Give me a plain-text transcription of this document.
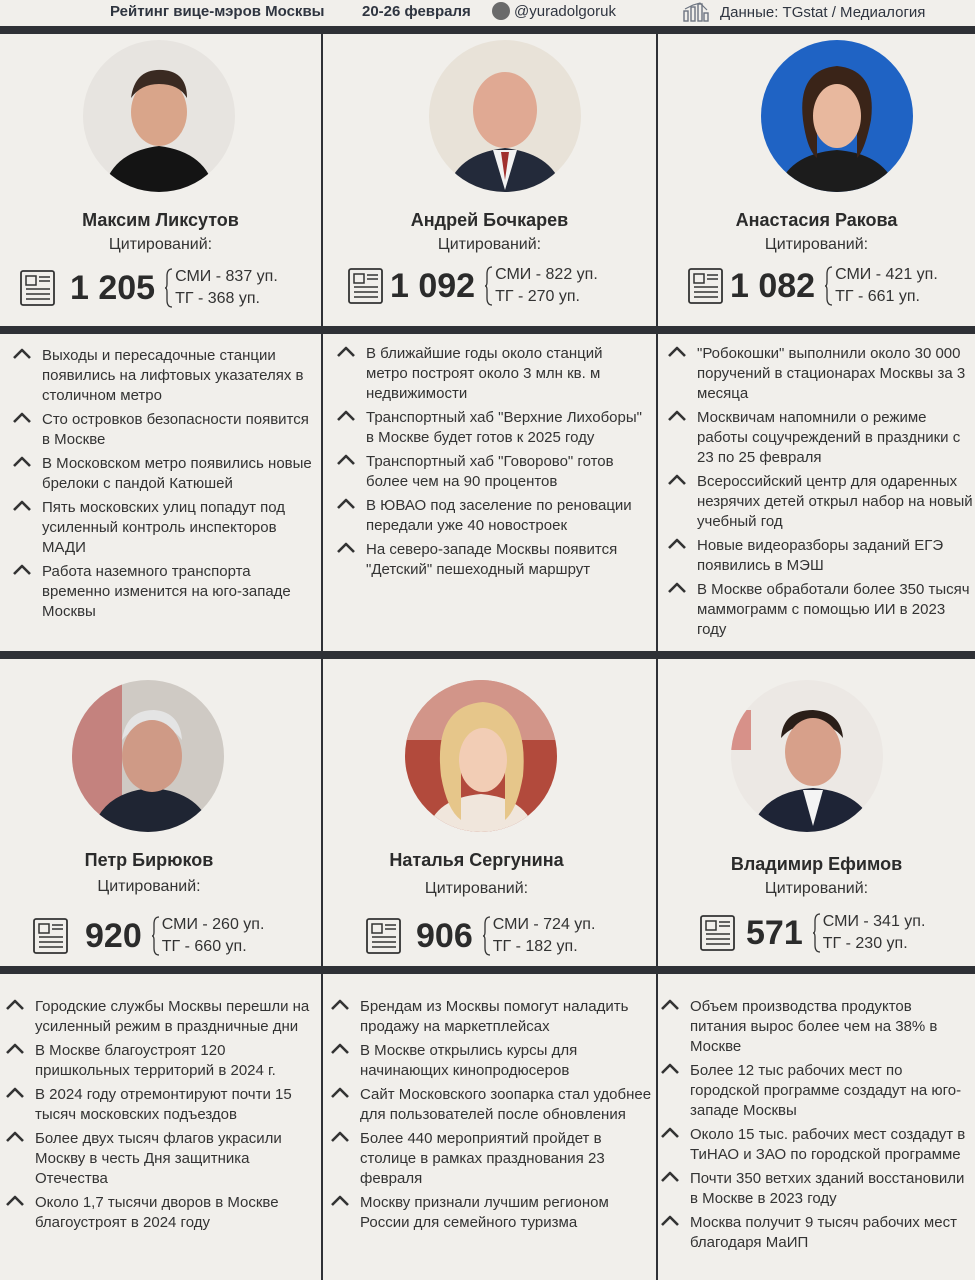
Рейтинг вице-мэров Москвы	20-26 февраля	@yuradolgoruk	Данные: TGstat / Медиалогия
Максим Ликсутов
Цитирований:
1 205 СМИ - 837 уп.
ТГ - 368 уп.
Андрей Бочкарев
Цитирований:
1 092 СМИ - 822 уп.
ТГ - 270 уп.
Анастасия Ракова
Цитирований:
1 082 СМИ - 421 уп.
ТГ - 661 уп.
Выходы и пересадочные станции появились на лифтовых указателях в столичном метро
Сто островков безопасности появится в Москве
В Московском метро появились новые брелоки с пандой Катюшей
Пять московских улиц попадут под усиленный контроль инспекторов МАДИ
Работа наземного транспорта временно изменится на юго-западе Москвы
В ближайшие годы около станций метро построят около 3 млн кв. м недвижимости
Транспортный хаб "Верхние Лихоборы" в Москве будет готов к 2025 году
Транспортный хаб "Говорово" готов более чем на 90 процентов
В ЮВАО под заселение по реновации передали уже 40 новостроек
На северо-западе Москвы появится "Детский" пешеходный маршрут
"Робокошки" выполнили около 30 000 поручений в стационарах Москвы за 3 месяца
Москвичам напомнили о режиме работы соцучреждений в праздники с 23 по 25 февраля
Всероссийский центр для одаренных незрячих детей открыл набор на новый учебный год
Новые видеоразборы заданий ЕГЭ появились в МЭШ
В Москве обработали более 350 тысяч маммограмм с помощью ИИ в 2023 году
Петр Бирюков
Цитирований:
920 СМИ - 260 уп.
ТГ - 660 уп.
Наталья Сергунина
Цитирований:
906 СМИ - 724 уп.
ТГ - 182 уп.
Владимир Ефимов
Цитирований:
571 СМИ - 341 уп.
ТГ - 230 уп.
Городские службы Москвы перешли на усиленный режим в праздничные дни
В Москве благоустроят 120 пришкольных территорий в 2024 г.
В 2024 году отремонтируют почти 15 тысяч московских подъездов
Более двух тысяч флагов украсили Москву в честь Дня защитника Отечества
Около 1,7 тысячи дворов в Москве благоустроят в 2024 году
Брендам из Москвы помогут наладить продажу на маркетплейсах
В Москве открылись курсы для начинающих кинопродюсеров
Сайт Московского зоопарка стал удобнее для пользователей после обновления
Более 440 мероприятий пройдет в столице в рамках празднования 23 февраля
Москву признали лучшим регионом России для семейного туризма
Объем производства продуктов питания вырос более чем на 38% в Москве
Более 12 тыс рабочих мест по городской программе создадут на юго-западе Москвы
Около 15 тыс. рабочих мест создадут в ТиНАО и ЗАО по городской программе
Почти 350 ветхих зданий восстановили в Москве в 2023 году
Москва получит 9 тысяч рабочих мест благодаря МаИП
